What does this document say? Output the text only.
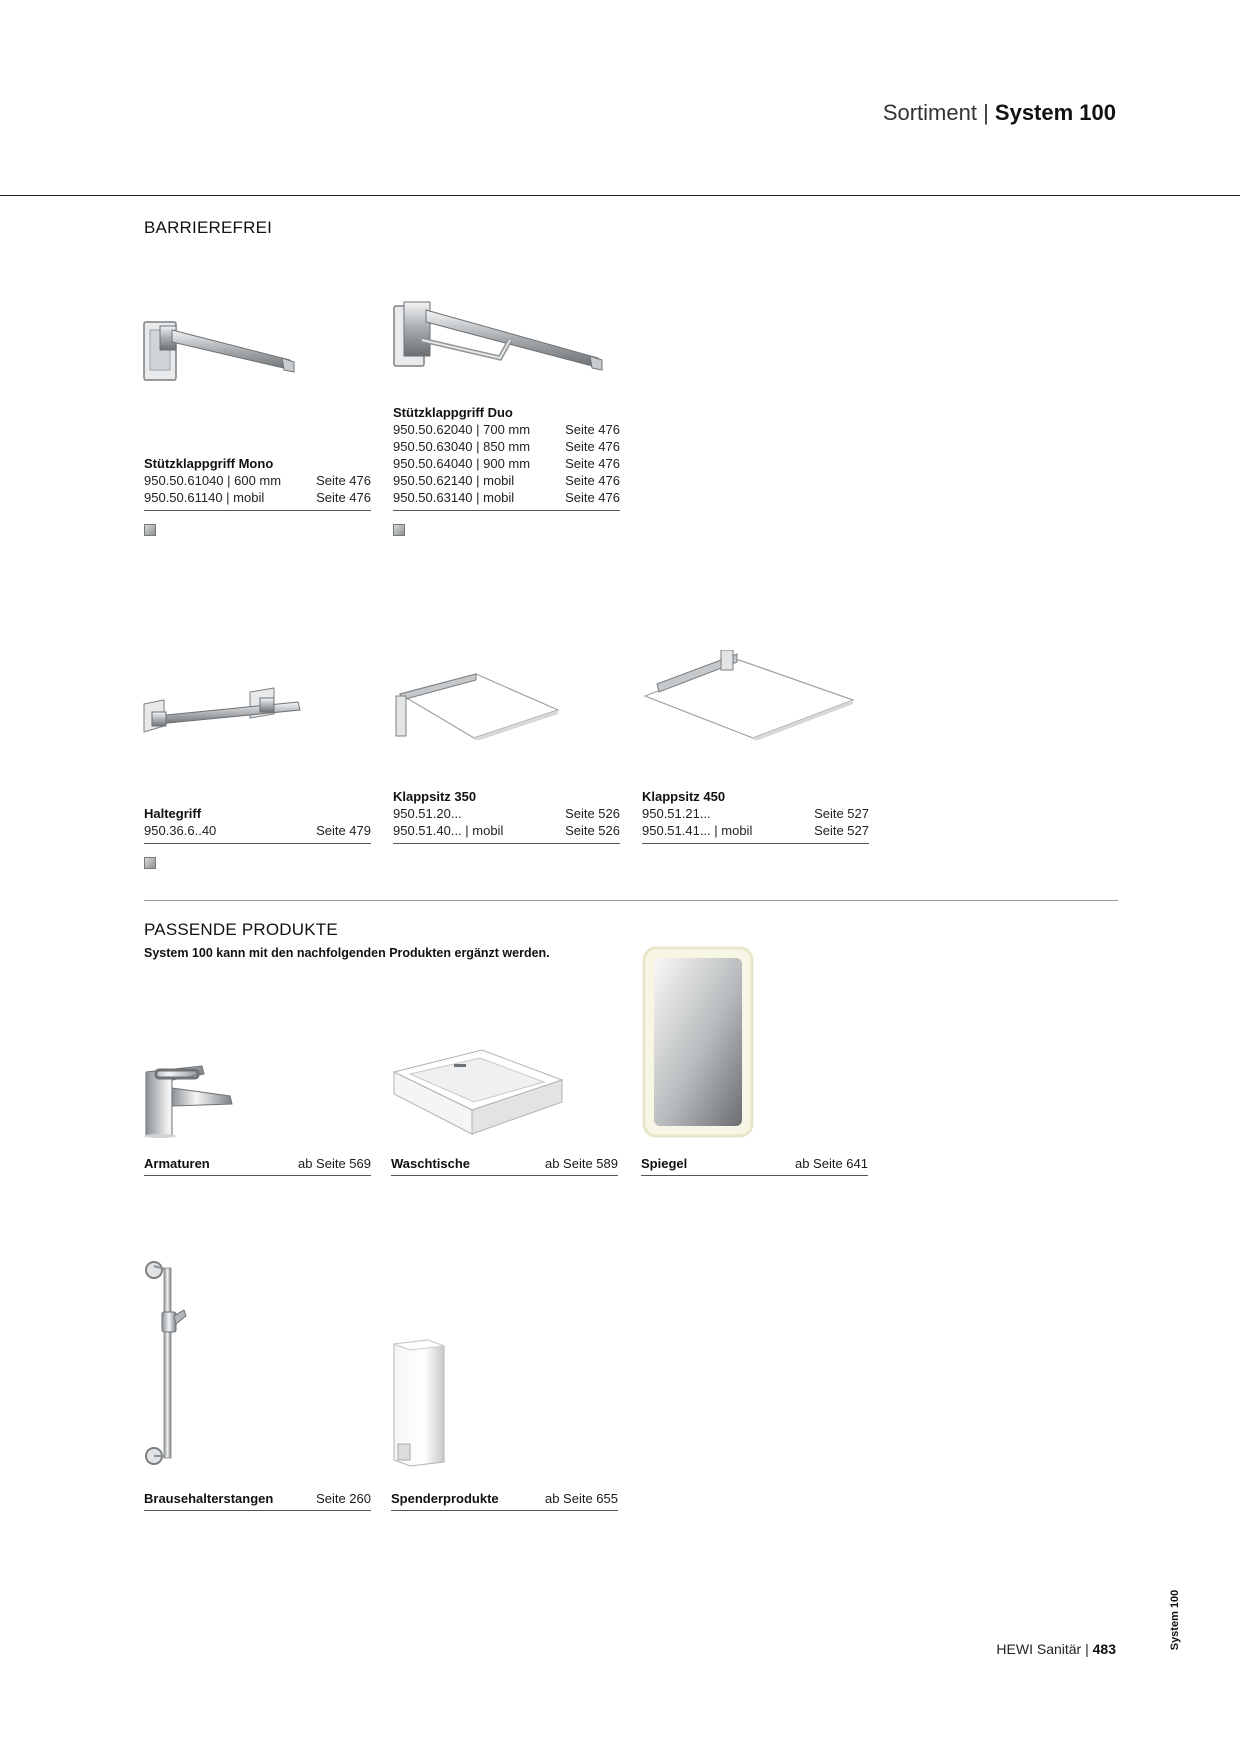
Sortiment | System 100
BARRIEREFREI
Stützklappgriff Mono
950.50.61040 | 600 mm	Seite 476
950.50.61140 | mobil	Seite 476
Stützklappgriff Duo
950.50.62040 | 700 mm	Seite 476
950.50.63040 | 850 mm	Seite 476
950.50.64040 | 900 mm	Seite 476
950.50.62140 | mobil	Seite 476
950.50.63140 | mobil	Seite 476
Haltegriff
950.36.6..40	Seite 479
Klappsitz 350
950.51.20...	Seite 526
950.51.40... | mobil	Seite 526
Klappsitz 450
950.51.21...	Seite 527
950.51.41... | mobil	Seite 527
PASSENDE PRODUKTE
System 100 kann mit den nachfolgenden Produkten ergänzt werden.
Armaturen	ab Seite 569 Waschtische	ab Seite 589 Spiegel	ab Seite 641
Brausehalterstangen	Seite 260 Spenderprodukte	ab Seite 655
System 100
HEWI Sanitär | 483
